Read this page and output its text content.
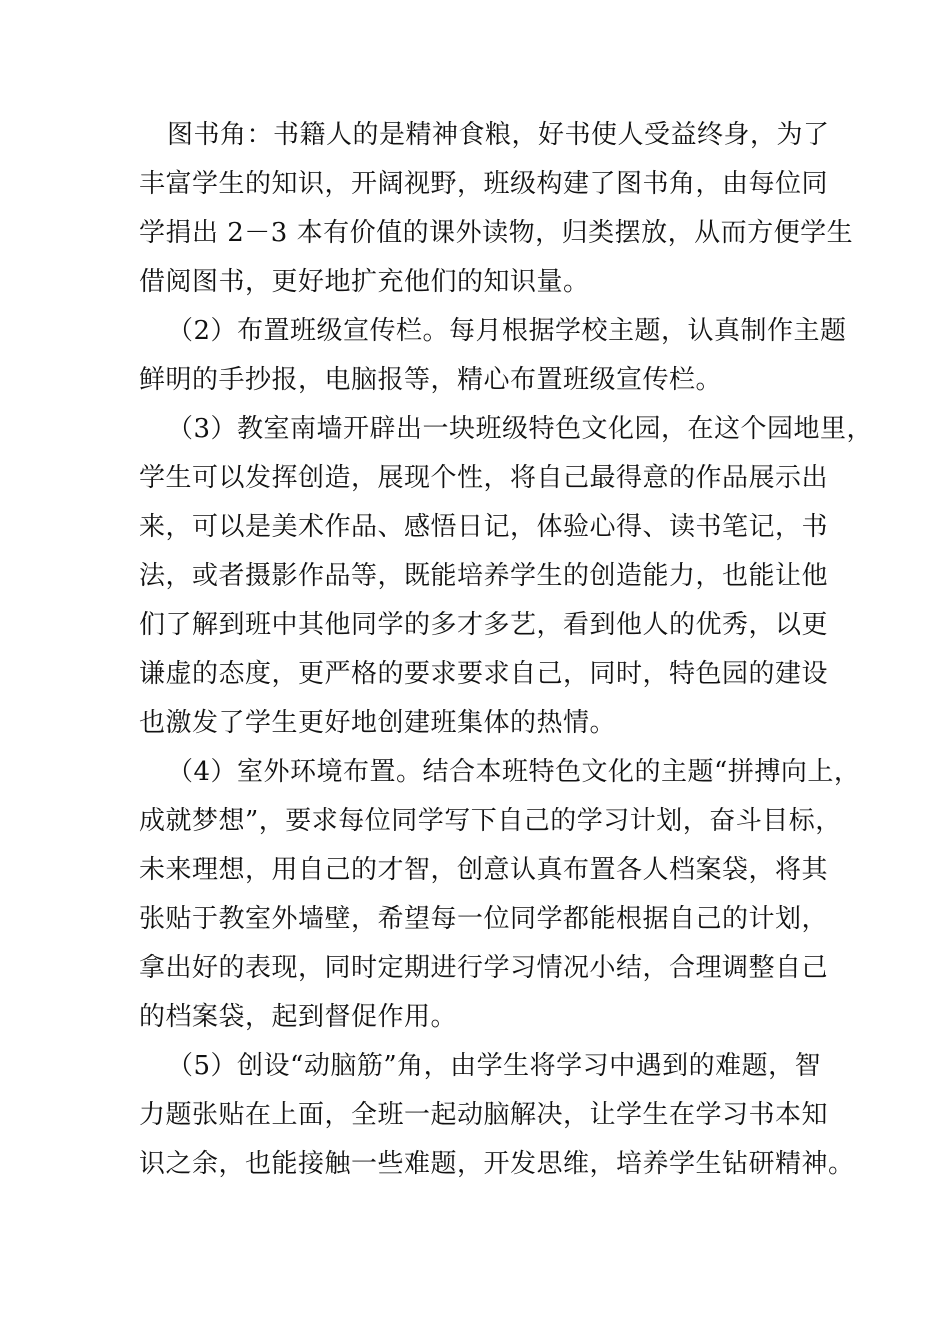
图书角：书籍人的是精神食粮，好书使人受益终身，为了
丰富学生的知识，开阔视野，班级构建了图书角，由每位同
学捐出 2－3 本有价值的课外读物，归类摆放，从而方便学生
借阅图书，更好地扩充他们的知识量。
（2）布置班级宣传栏。每月根据学校主题，认真制作主题
鲜明的手抄报，电脑报等，精心布置班级宣传栏。
（3）教室南墙开辟出一块班级特色文化园，在这个园地里，
学生可以发挥创造，展现个性，将自己最得意的作品展示出
来，可以是美术作品、感悟日记，体验心得、读书笔记，书
法，或者摄影作品等，既能培养学生的创造能力，也能让他
们了解到班中其他同学的多才多艺，看到他人的优秀，以更
谦虚的态度，更严格的要求要求自己，同时，特色园的建设
也激发了学生更好地创建班集体的热情。
（4）室外环境布置。结合本班特色文化的主题“拼搏向上，
成就梦想”，要求每位同学写下自己的学习计划，奋斗目标，
未来理想，用自己的才智，创意认真布置各人档案袋，将其
张贴于教室外墙壁，希望每一位同学都能根据自己的计划，
拿出好的表现，同时定期进行学习情况小结，合理调整自己
的档案袋，起到督促作用。
（5）创设“动脑筋”角，由学生将学习中遇到的难题，智
力题张贴在上面，全班一起动脑解决，让学生在学习书本知
识之余，也能接触一些难题，开发思维，培养学生钻研精神。
